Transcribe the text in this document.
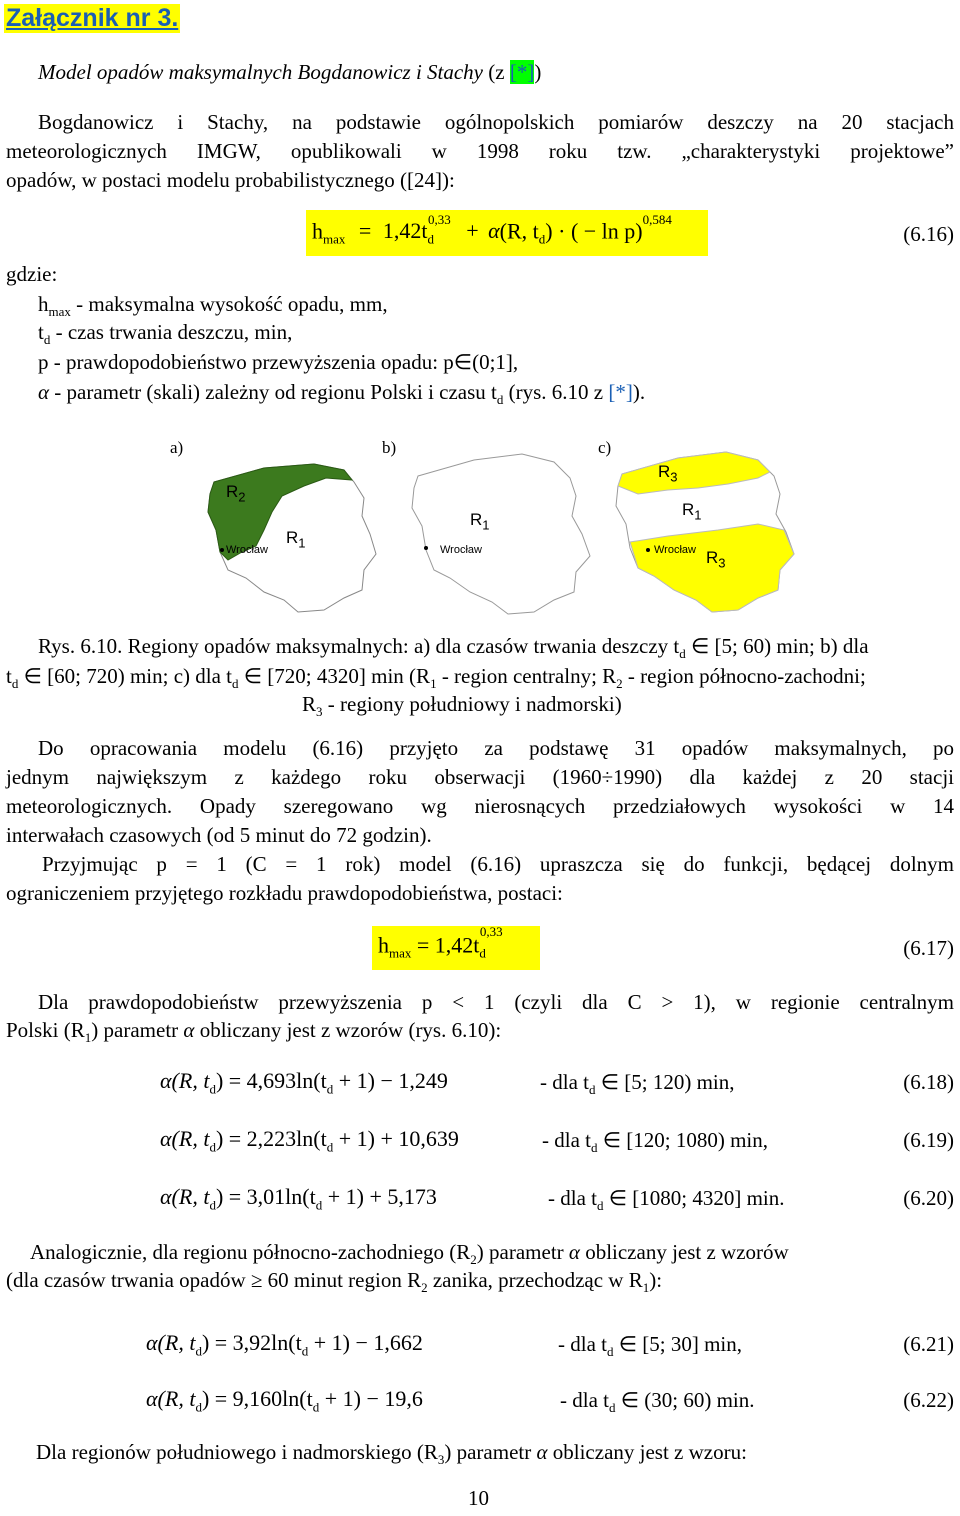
Załącznik nr 3.
Model opadów maksymalnych Bogdanowicz i Stachy (z [*])
Bogdanowicz i Stachy, na podstawie ogólnopolskich pomiarów deszczy na 20 stacjach
meteorologicznych IMGW, opublikowali w 1998 roku tzw. „charakterystyki projektowe”
opadów, w postaci modelu probabilistycznego ([24]):
$h_{max} = 1,42t_d^{0,33} + \alpha(R$, $t_d$) · ( − ln p)$^{0,584}$
(6.16)
gdzie:
$h_{max}$ - maksymalna wysokość opadu, mm,
$t_d$ - czas trwania deszczu, min,
p - prawdopodobieństwo przewyższenia opadu: p∈(0;1],
α - parametr (skali) zależny od regionu Polski i czasu $t_d$ (rys. 6.10 z [*]).
a)	b)	c)
$R_2$
$R_1$
Wrocław
$R_1$
Wrocław
$R_3$
$R_1$
Wrocław $R_3$
Rys. 6.10. Regiony opadów maksymalnych: a) dla czasów trwania deszczy $t_d$ ∈ [5; 60) min; b) dla
$t_d$ ∈ [60; 720) min; c) dla $t_d$ ∈ [720; 4320] $\min (R_1$ - region centralny; $R_2$ - region północno-zachodni;
$R_3$ - regiony południowy i nadmorski)
Do opracowania modelu (6.16) przyjęto za podstawę 31 opadów maksymalnych, po
jednym największym z każdego roku obserwacji (1960÷1990) dla każdej z 20 stacji
meteorologicznych. Opady szeregowano wg nierosnących przedziałowych wysokości w 14
interwałach czasowych (od 5 minut do 72 godzin).
Przyjmując p = 1 (C = 1 rok) model (6.16) upraszcza się do funkcji, będącej dolnym
ograniczeniem przyjętego rozkładu prawdopodobieństwa, postaci:
$h_{max} = 1,42t_d^{0,33}$
(6.17)
Dla prawdopodobieństw przewyższenia p < 1 (czyli dla C > 1), w regionie centralnym
Polski $(R_1)$ parametr α obliczany jest z wzorów (rys. 6.10):
α(R, $t_d) = 4,693\ln(t_d + 1) - 1,249$	- dla $t_d$ ∈ [5; 120) min,	(6.18)
α(R, $t_d) = 2,223\ln(t_d + 1) + 10,639$	- dla $t_d$ ∈ [120; 1080) min,	(6.19)
α(R, $t_d) = 3,01\ln(t_d + 1) + 5,173$	- dla $t_d$ ∈ [1080; 4320] min.	(6.20)
Analogicznie, dla regionu północno-zachodniego $(R_2)$ parametr α obliczany jest z wzorów
(dla czasów trwania opadów ≥ 60 minut region $R_2$ zanika, przechodząc w $R_1$):
α(R, $t_d) = 3,92\ln(t_d + 1) - 1,662$	- dla $t_d$ ∈ [5; 30] min,	(6.21)
α(R, $t_d) = 9,160\ln(t_d + 1) - 19,6$	- dla $t_d$ ∈ (30; 60) min.	(6.22)
Dla regionów południowego i nadmorskiego $(R_3)$ parametr α obliczany jest z wzoru:
10
